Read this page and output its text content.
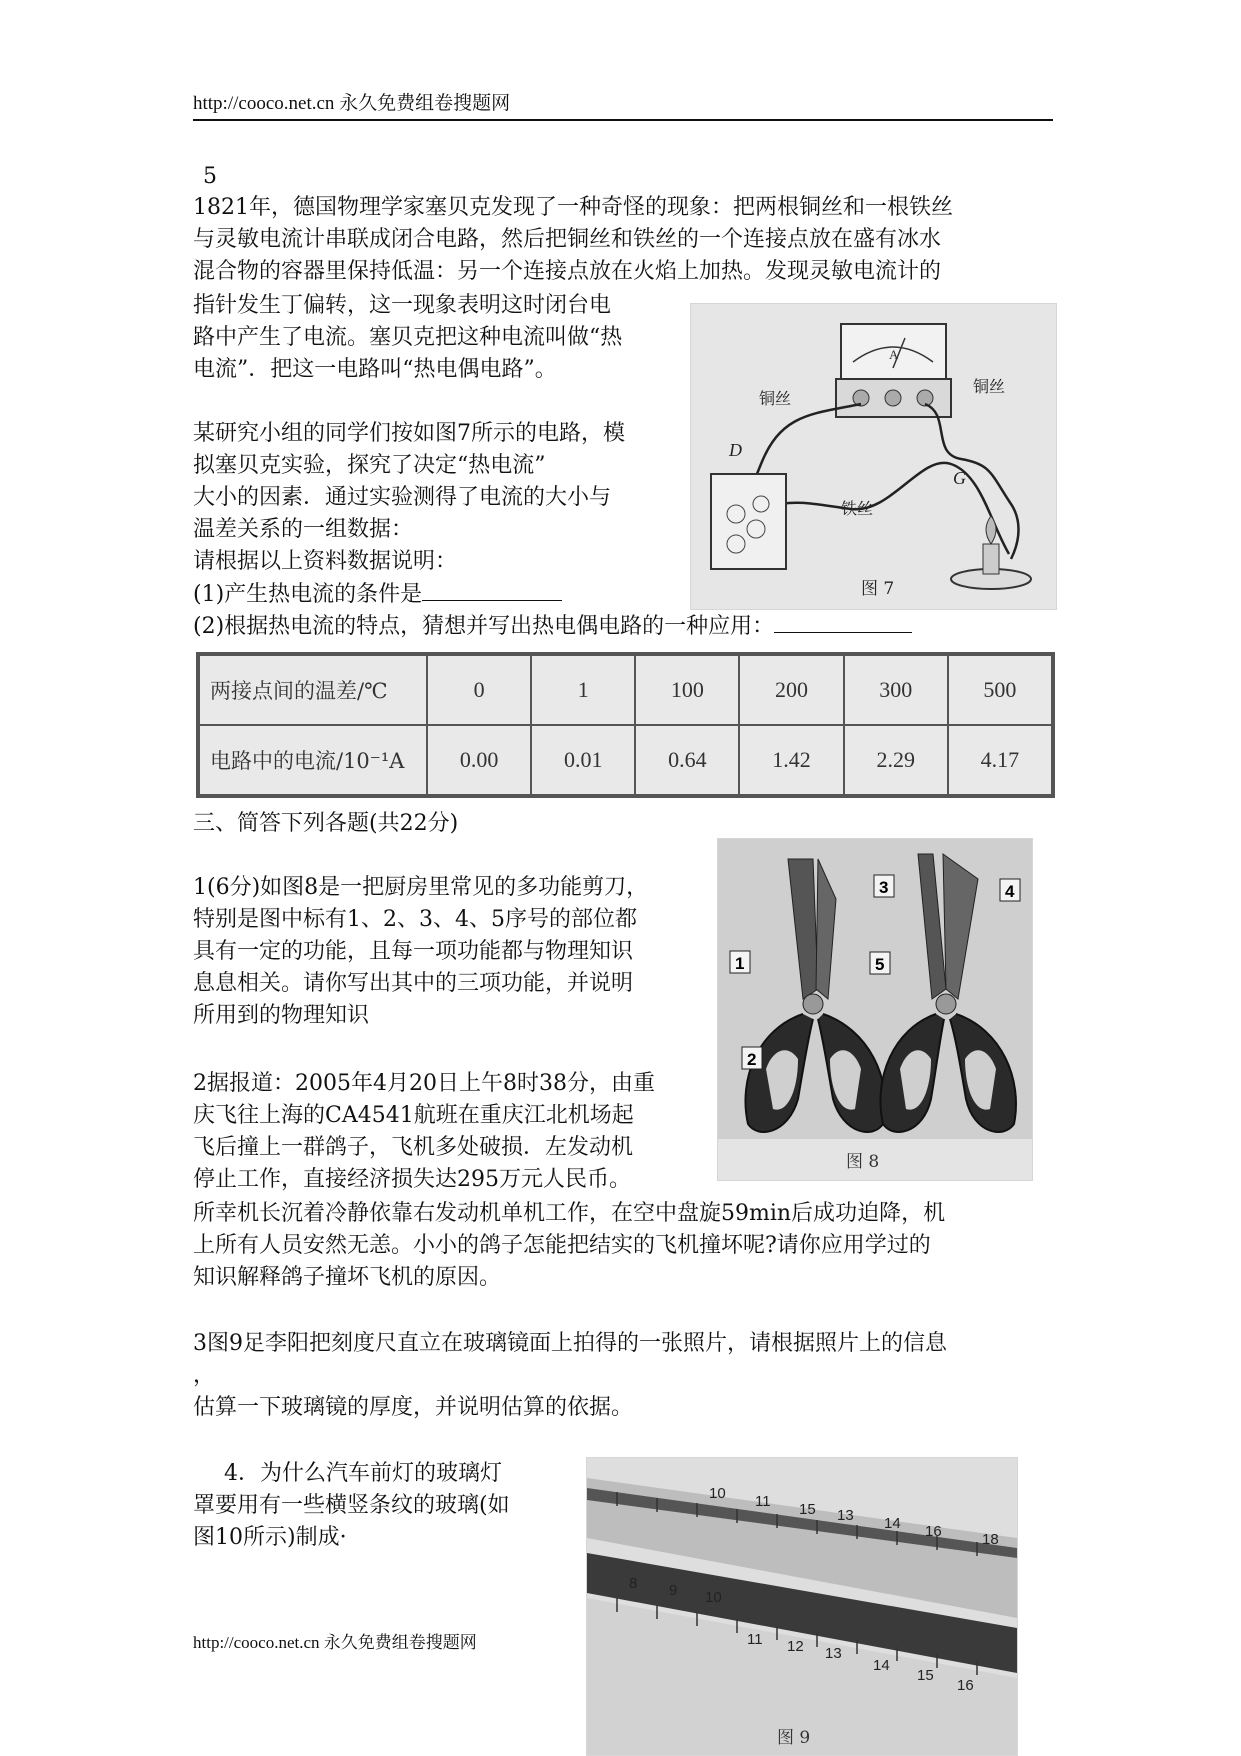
http://cooco.net.cn 永久免费组卷搜题网
5
1821年，德国物理学家塞贝克发现了一种奇怪的现象：把两根铜丝和一根铁丝
与灵敏电流计串联成闭合电路，然后把铜丝和铁丝的一个连接点放在盛有冰水
混合物的容器里保持低温：另一个连接点放在火焰上加热。发现灵敏电流计的
指针发生丁偏转，这一现象表明这时闭台电
路中产生了电流。塞贝克把这种电流叫做“热
电流”．把这一电路叫“热电偶电路”。
某研究小组的同学们按如图7所示的电路，模
拟塞贝克实验，探究了决定“热电流”
大小的因素．通过实验测得了电流的大小与
温差关系的一组数据：
请根据以上资料数据说明：
(1)产生热电流的条件是
(2)根据热电流的特点，猜想并写出热电偶电路的一种应用：
A
铜丝
铜丝
铁丝
D
G
图 7
两接点间的温差/℃	0	1	100	200	300	500
电路中的电流/10⁻¹A	0.00	0.01	0.64	1.42	2.29	4.17
三、简答下列各题(共22分)
1(6分)如图8是一把厨房里常见的多功能剪刀，
特别是图中标有1、2、3、4、5序号的部位都
具有一定的功能，且每一项功能都与物理知识
息息相关。请你写出其中的三项功能，并说明
所用到的物理知识
2据报道：2005年4月20日上午8时38分，由重
庆飞往上海的CA4541航班在重庆江北机场起
飞后撞上一群鸽子，飞机多处破损．左发动机
停止工作，直接经济损失达295万元人民币。
所幸机长沉着冷静依靠右发动机单机工作，在空中盘旋59min后成功迫降，机
上所有人员安然无恙。小小的鸽子怎能把结实的飞机撞坏呢?请你应用学过的
知识解释鸽子撞坏飞机的原因。
3图9足李阳把刻度尺直立在玻璃镜面上拍得的一张照片，请根据照片上的信息
，
估算一下玻璃镜的厚度，并说明估算的依据。
4．为什么汽车前灯的玻璃灯
罩要用有一些横竖条纹的玻璃(如
图10所示)制成·
1
2
3	4
5
图 8
10 11 15 13 14 16	18
8 9 10
11 12 13
14
15
16
图 9
http://cooco.net.cn 永久免费组卷搜题网
